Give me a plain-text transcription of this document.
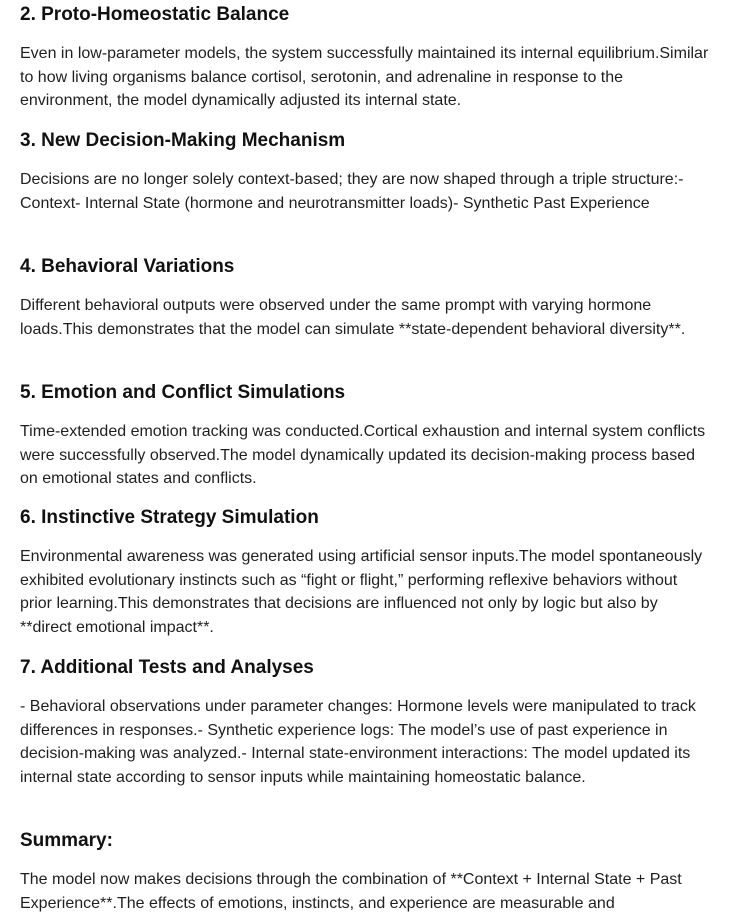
2. Proto-Homeostatic Balance

Even in low-parameter models, the system successfully maintained its internal equilibrium.Similar to how living organisms balance cortisol, serotonin, and adrenaline in response to the environment, the model dynamically adjusted its internal state.

3. New Decision-Making Mechanism

Decisions are no longer solely context-based; they are now shaped through a triple structure:- Context- Internal State (hormone and neurotransmitter loads)- Synthetic Past Experience

4. Behavioral Variations

Different behavioral outputs were observed under the same prompt with varying hormone loads.This demonstrates that the model can simulate **state-dependent behavioral diversity**.

5. Emotion and Conflict Simulations

Time-extended emotion tracking was conducted.Cortical exhaustion and internal system conflicts were successfully observed.The model dynamically updated its decision-making process based on emotional states and conflicts.

6. Instinctive Strategy Simulation

Environmental awareness was generated using artificial sensor inputs.The model spontaneously exhibited evolutionary instincts such as “fight or flight,” performing reflexive behaviors without prior learning.This demonstrates that decisions are influenced not only by logic but also by **direct emotional impact**.

7. Additional Tests and Analyses

- Behavioral observations under parameter changes: Hormone levels were manipulated to track differences in responses.- Synthetic experience logs: The model’s use of past experience in decision-making was analyzed.- Internal state-environment interactions: The model updated its internal state according to sensor inputs while maintaining homeostatic balance.

Summary:

The model now makes decisions through the combination of **Context + Internal State + Past Experience**.The effects of emotions, instincts, and experience are measurable and
